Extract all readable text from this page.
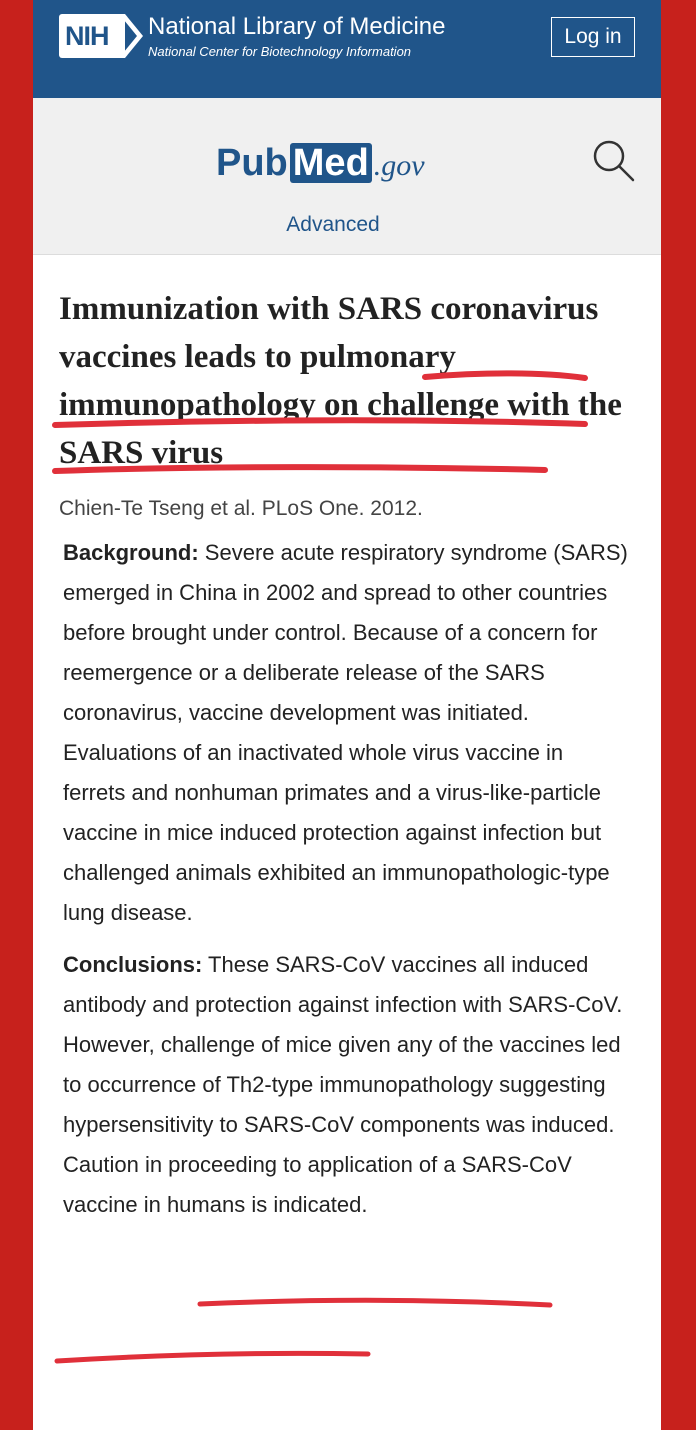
NIH	National Library of Medicine
National Center for Biotechnology Information
Log in
Pub Med .gov
Advanced
Immunization with SARS coronavirus vaccines leads to pulmonary immunopathology on challenge with the SARS virus
Chien-Te Tseng et al. PLoS One. 2012.

Background: Severe acute respiratory syndrome (SARS) emerged in China in 2002 and spread to other countries before brought under control. Because of a concern for reemergence or a deliberate release of the SARS coronavirus, vaccine development was initiated. Evaluations of an inactivated whole virus vaccine in ferrets and nonhuman primates and a virus-like-particle vaccine in mice induced protection against infection but challenged animals exhibited an immunopathologic-type lung disease.

Conclusions: These SARS-CoV vaccines all induced antibody and protection against infection with SARS-CoV. However, challenge of mice given any of the vaccines led to occurrence of Th2-type immunopathology suggesting hypersensitivity to SARS-CoV components was induced. Caution in proceeding to application of a SARS-CoV vaccine in humans is indicated.
